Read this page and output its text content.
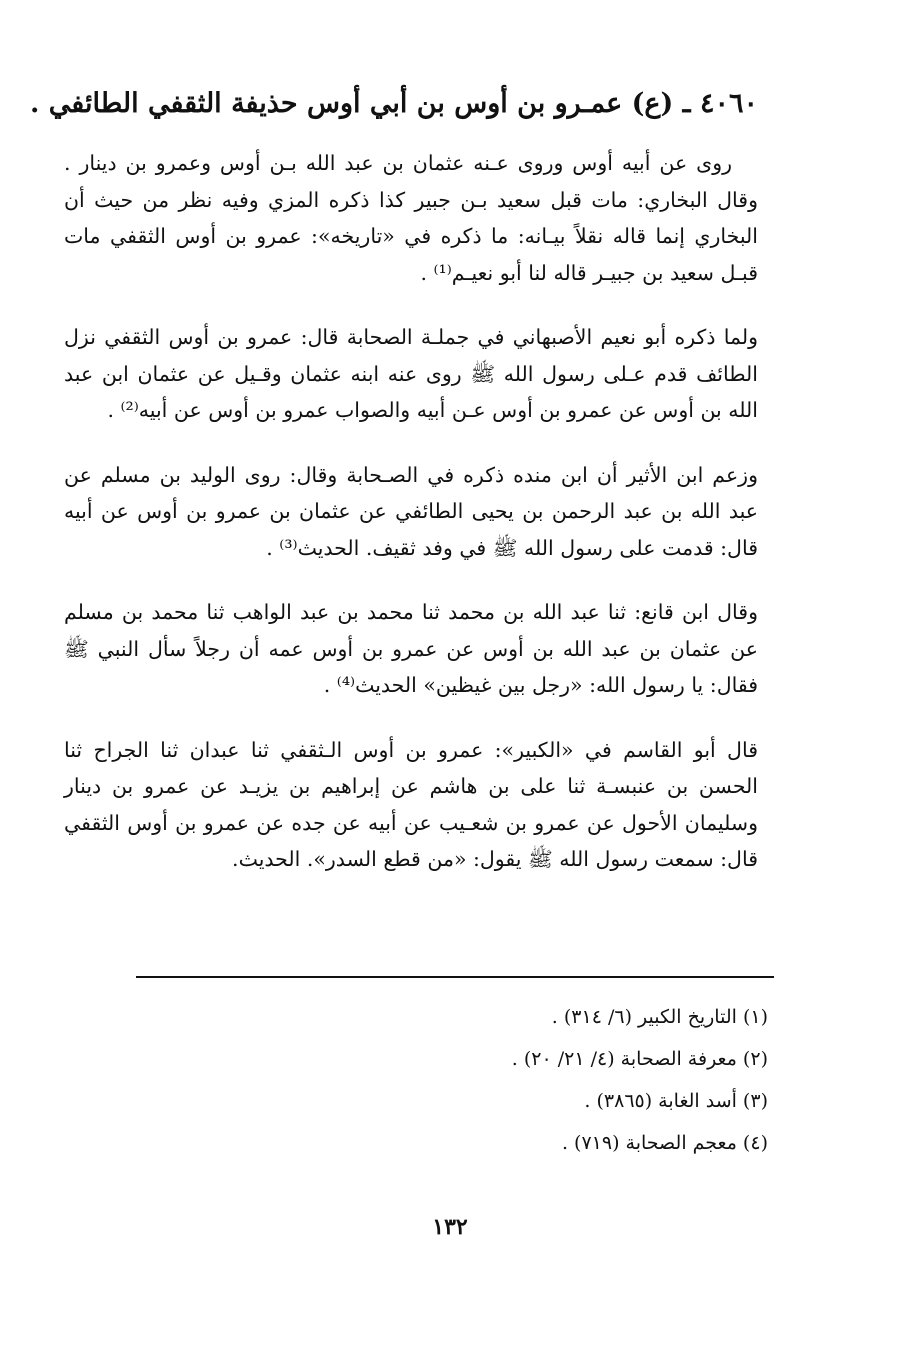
٤٠٦٠ ـ (ع) عمـرو بن أوس بن أبي أوس حذيفة الثقفي الطائفي .

روى عن أبيه أوس وروى عـنه عثمان بن عبد الله بـن أوس وعمرو بن دينار . وقال البخاري: مات قبل سعيد بـن جبير كذا ذكره المزي وفيه نظر من حيث أن البخاري إنما قاله نقلاً بيـانه: ما ذكره في «تاريخه»: عمرو بن أوس الثقفي مات قبـل سعيد بن جبيـر قاله لنا أبو نعيـم⁽¹⁾ .

ولما ذكره أبو نعيم الأصبهاني في جملـة الصحابة قال: عمرو بن أوس الثقفي نزل الطائف قدم عـلى رسول الله ﷺ روى عنه ابنه عثمان وقـيل عن عثمان ابن عبد الله بن أوس عن عمرو بن أوس عـن أبيه والصواب عمرو بن أوس عن أبيه⁽²⁾ .

وزعم ابن الأثير أن ابن منده ذكره في الصـحابة وقال: روى الوليد بن مسلم عن عبد الله بن عبد الرحمن بن يحيى الطائفي عن عثمان بن عمرو بن أوس عن أبيه قال: قدمت على رسول الله ﷺ في وفد ثقيف. الحديث⁽³⁾ .

وقال ابن قانع: ثنا عبد الله بن محمد ثنا محمد بن عبد الواهب ثنا محمد بن مسلم عن عثمان بن عبد الله بن أوس عن عمرو بن أوس عمه أن رجلاً سأل النبي ﷺ فقال: يا رسول الله: «رجل بين غيظين» الحديث⁽⁴⁾ .

قال أبو القاسم في «الكبير»: عمرو بن أوس الـثقفي ثنا عبدان ثنا الجراح ثنا الحسن بن عنبسـة ثنا على بن هاشم عن إبراهيم بن يزيـد عن عمرو بن دينار وسليمان الأحول عن عمرو بن شعـيب عن أبيه عن جده عن عمرو بن أوس الثقفي قال: سمعت رسول الله ﷺ يقول: «من قطع السدر». الحديث.

(١) التاريخ الكبير (٦/ ٣١٤) .
(٢) معرفة الصحابة (٤/ ٢١/ ٢٠) .
(٣) أسد الغابة (٣٨٦٥) .
(٤) معجم الصحابة (٧١٩) .
١٣٢
